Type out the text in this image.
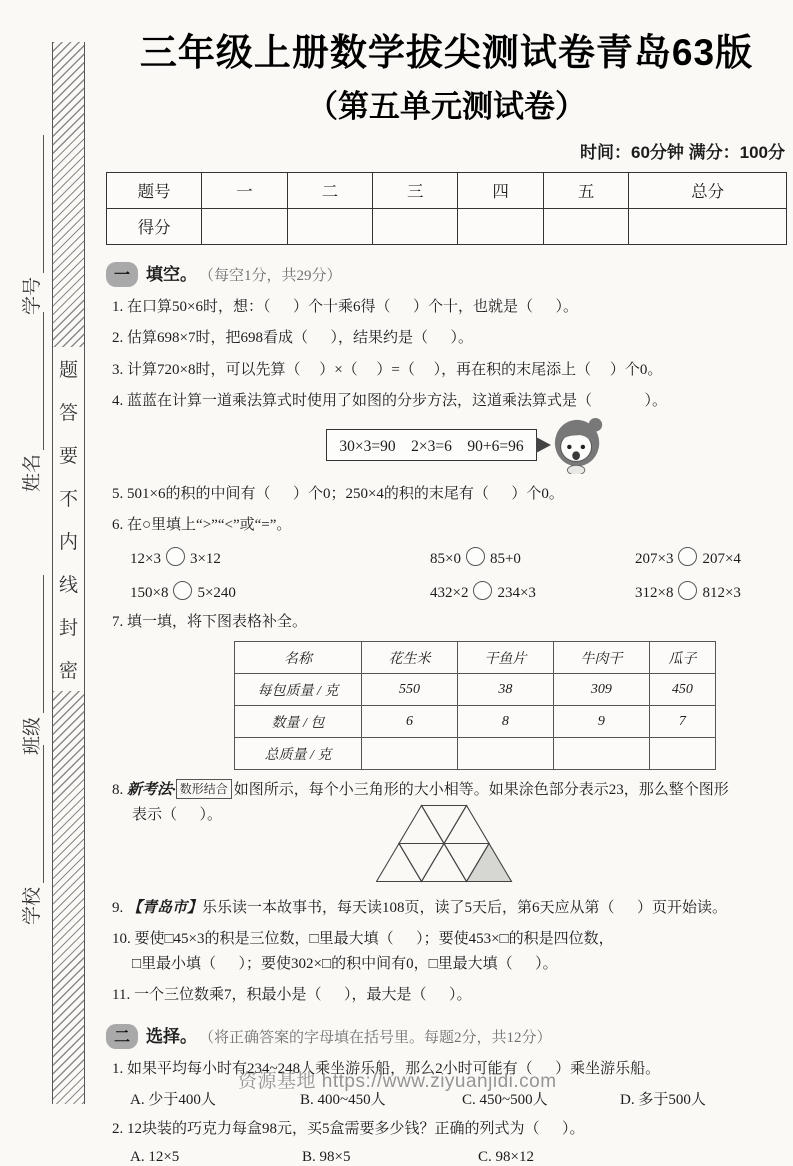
学号
姓名
班级
学校
题
答
要
不
内
线
封
密
三年级上册数学拔尖测试卷青岛63版
（第五单元测试卷）
时间：60分钟 满分：100分
题号	一	二	三	四	五	总分
得分						
一 填空。 （每空1分，共29分）
1. 在口算50×6时，想：（      ）个十乘6得（      ）个十，也就是（      ）。
2. 估算698×7时，把698看成（      ），结果约是（      ）。
3. 计算720×8时，可以先算（     ）×（     ）=（     ），再在积的末尾添上（     ）个0。
4. 蓝蓝在计算一道乘法算式时使用了如图的分步方法，这道乘法算式是（              ）。
30×3=90　2×3=6　90+6=96
5. 501×6的积的中间有（      ）个0；250×4的积的末尾有（      ）个0。
6. 在○里填上“>”“<”或“=”。
12×3 3×12	85×0 85+0	207×3 207×4
150×8 5×240	432×2 234×3	312×8 812×3
7. 填一填，将下图表格补全。
名称	花生米	干鱼片	牛肉干	瓜子
每包质量 / 克	550	38	309	450
数量 / 包	6	8	9	7
总质量 / 克				
8. 新考法· 数形结合 如图所示，每个小三角形的大小相等。如果涂色部分表示23，那么整个图形
表示（      ）。
9. 【青岛市】乐乐读一本故事书，每天读108页，读了5天后，第6天应从第（      ）页开始读。
10. 要使□45×3的积是三位数，□里最大填（      ）；要使453×□的积是四位数，
□里最小填（      ）；要使302×□的积中间有0，□里最大填（      ）。
11. 一个三位数乘7，积最小是（      ），最大是（      ）。
二 选择。 （将正确答案的字母填在括号里。每题2分，共12分）
1. 如果平均每小时有234~248人乘坐游乐船，那么2小时可能有（      ）乘坐游乐船。
A. 少于400人	B. 400~450人	C. 450~500人	D. 多于500人
2. 12块装的巧克力每盒98元，买5盒需要多少钱？正确的列式为（      ）。
A. 12×5	B. 98×5	C. 98×12
资源基地 https://www.ziyuanjidi.com
